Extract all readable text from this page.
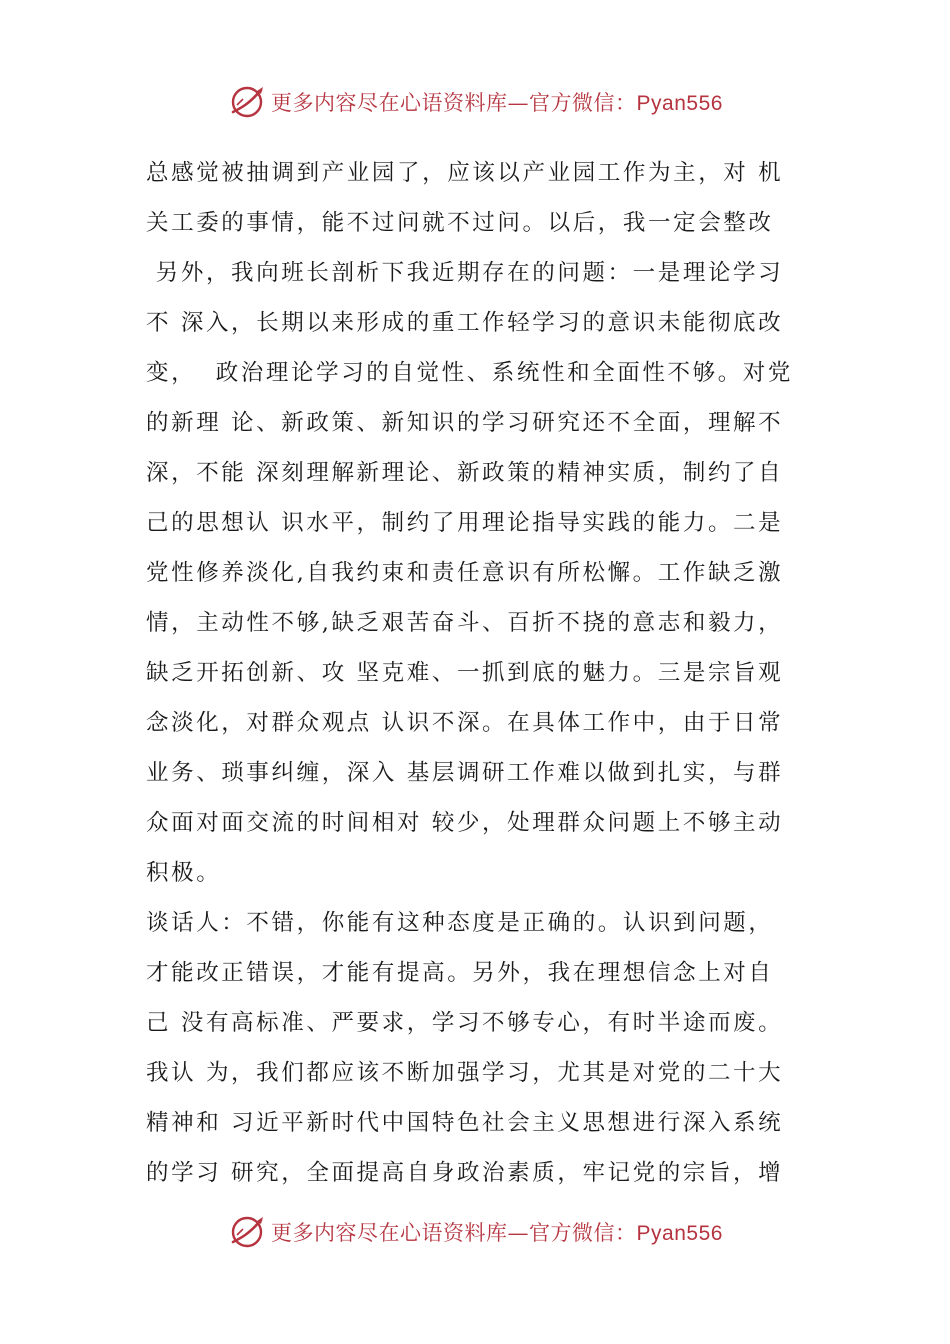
更多内容尽在心语资料库—官方微信：Pyan556
总感觉被抽调到产业园了，应该以产业园工作为主，对 机
关工委的事情，能不过问就不过问。以后，我一定会整改
另外，我向班长剖析下我近期存在的问题：一是理论学习
不 深入，长期以来形成的重工作轻学习的意识未能彻底改
变，  政治理论学习的自觉性、系统性和全面性不够。对党
的新理 论、新政策、新知识的学习研究还不全面，理解不
深，不能 深刻理解新理论、新政策的精神实质，制约了自
己的思想认 识水平，制约了用理论指导实践的能力。二是
党性修养淡化,自我约束和责任意识有所松懈。工作缺乏激
情，主动性不够,缺乏艰苦奋斗、百折不挠的意志和毅力，
缺乏开拓创新、攻 坚克难、一抓到底的魅力。三是宗旨观
念淡化，对群众观点 认识不深。在具体工作中，由于日常
业务、琐事纠缠，深入 基层调研工作难以做到扎实，与群
众面对面交流的时间相对 较少，处理群众问题上不够主动
积极。
谈话人：不错，你能有这种态度是正确的。认识到问题，
才能改正错误，才能有提高。另外，我在理想信念上对自
己 没有高标准、严要求，学习不够专心，有时半途而废。
我认 为，我们都应该不断加强学习，尤其是对党的二十大
精神和 习近平新时代中国特色社会主义思想进行深入系统
的学习 研究，全面提高自身政治素质，牢记党的宗旨，增
更多内容尽在心语资料库—官方微信：Pyan556
